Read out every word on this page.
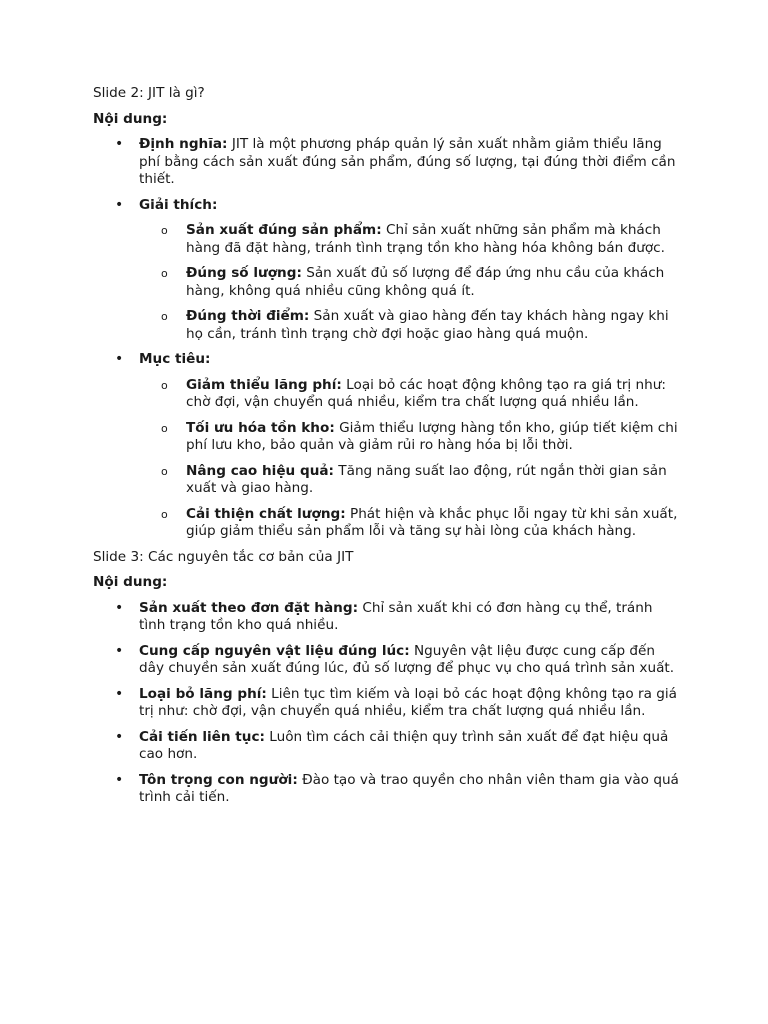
Slide 2: JIT là gì?

Nội dung:

• Định nghĩa: JIT là một phương pháp quản lý sản xuất nhằm giảm thiểu lãng phí bằng cách sản xuất đúng sản phẩm, đúng số lượng, tại đúng thời điểm cần thiết.
• Giải thích:
o Sản xuất đúng sản phẩm: Chỉ sản xuất những sản phẩm mà khách hàng đã đặt hàng, tránh tình trạng tồn kho hàng hóa không bán được.
o Đúng số lượng: Sản xuất đủ số lượng để đáp ứng nhu cầu của khách hàng, không quá nhiều cũng không quá ít.
o Đúng thời điểm: Sản xuất và giao hàng đến tay khách hàng ngay khi họ cần, tránh tình trạng chờ đợi hoặc giao hàng quá muộn.
• Mục tiêu:
o Giảm thiểu lãng phí: Loại bỏ các hoạt động không tạo ra giá trị như: chờ đợi, vận chuyển quá nhiều, kiểm tra chất lượng quá nhiều lần.
o Tối ưu hóa tồn kho: Giảm thiểu lượng hàng tồn kho, giúp tiết kiệm chi phí lưu kho, bảo quản và giảm rủi ro hàng hóa bị lỗi thời.
o Nâng cao hiệu quả: Tăng năng suất lao động, rút ngắn thời gian sản xuất và giao hàng.
o Cải thiện chất lượng: Phát hiện và khắc phục lỗi ngay từ khi sản xuất, giúp giảm thiểu sản phẩm lỗi và tăng sự hài lòng của khách hàng.

Slide 3: Các nguyên tắc cơ bản của JIT

Nội dung:

• Sản xuất theo đơn đặt hàng: Chỉ sản xuất khi có đơn hàng cụ thể, tránh tình trạng tồn kho quá nhiều.
• Cung cấp nguyên vật liệu đúng lúc: Nguyên vật liệu được cung cấp đến dây chuyền sản xuất đúng lúc, đủ số lượng để phục vụ cho quá trình sản xuất.
• Loại bỏ lãng phí: Liên tục tìm kiếm và loại bỏ các hoạt động không tạo ra giá trị như: chờ đợi, vận chuyển quá nhiều, kiểm tra chất lượng quá nhiều lần.
• Cải tiến liên tục: Luôn tìm cách cải thiện quy trình sản xuất để đạt hiệu quả cao hơn.
• Tôn trọng con người: Đào tạo và trao quyền cho nhân viên tham gia vào quá trình cải tiến.
